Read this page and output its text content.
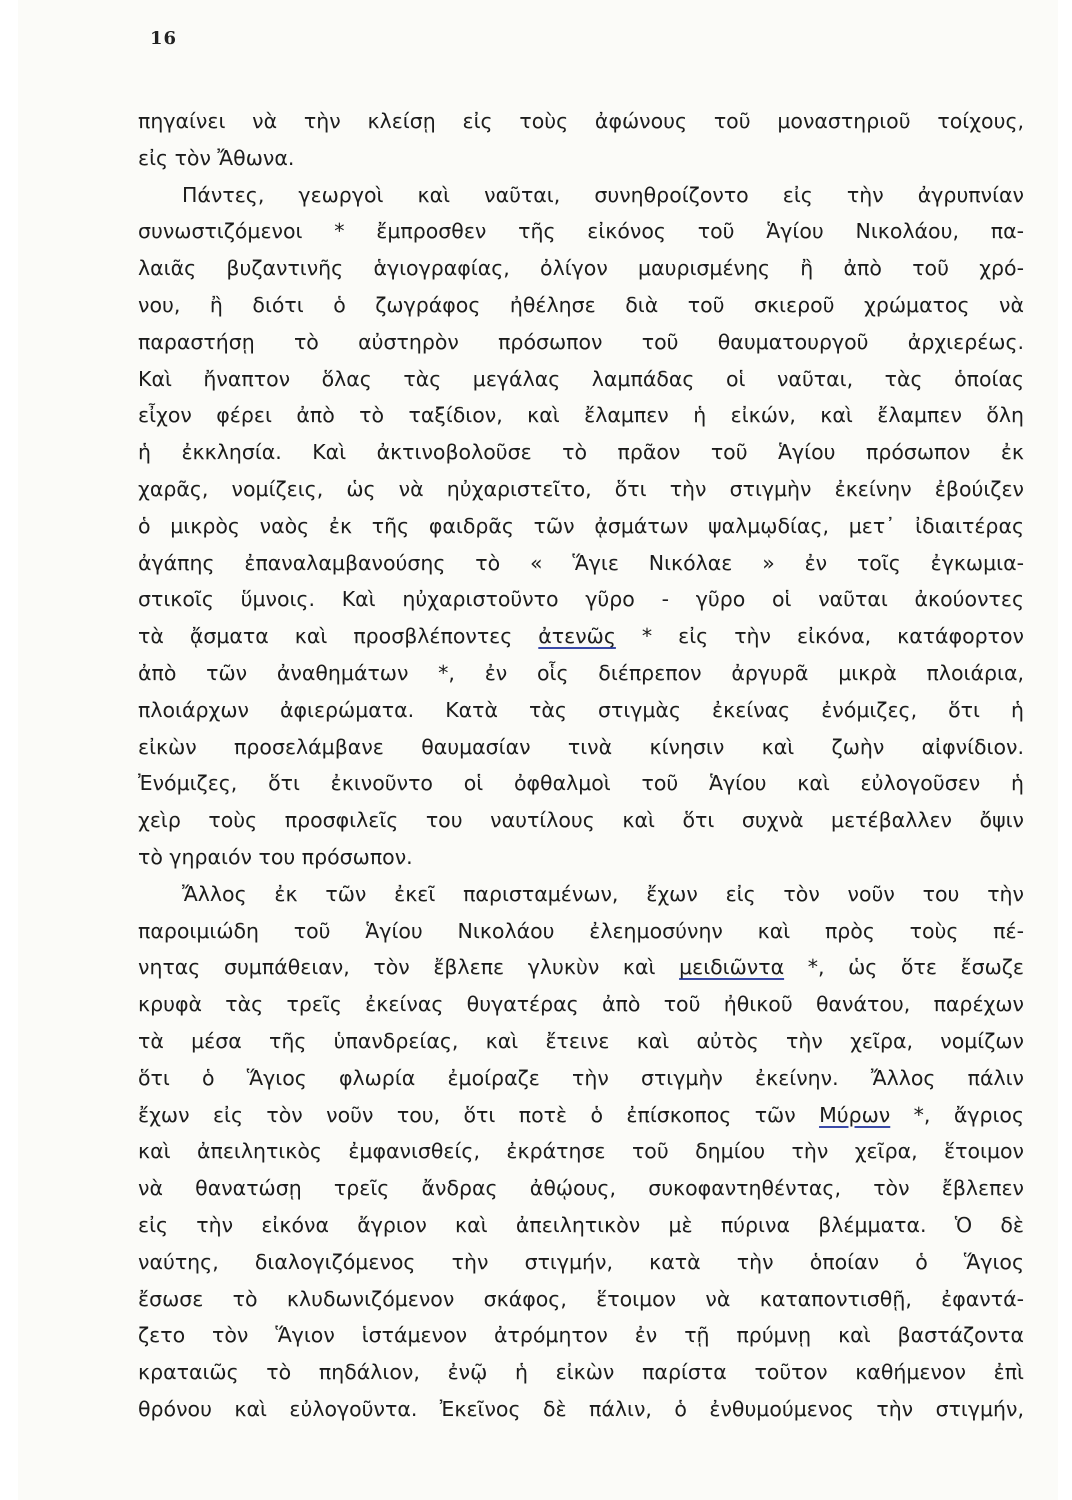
16
πηγαίνει νὰ τὴν κλείσῃ εἰς τοὺς ἀφώνους τοῦ μοναστηριοῦ τοίχους,
εἰς τὸν Ἄθωνα.
Πάντες, γεωργοὶ καὶ ναῦται, συνηθροίζοντο εἰς τὴν ἀγρυπνίαν
συνωστιζόμενοι * ἔμπροσθεν τῆς εἰκόνος τοῦ Ἁγίου Νικολάου, πα-
λαιᾶς βυζαντινῆς ἁγιογραφίας, ὀλίγον μαυρισμένης ἢ ἀπὸ τοῦ χρό-
νου, ἢ διότι ὁ ζωγράφος ἠθέλησε διὰ τοῦ σκιεροῦ χρώματος νὰ
παραστήσῃ τὸ αὐστηρὸν πρόσωπον τοῦ θαυματουργοῦ ἀρχιερέως.
Καὶ ἤναπτον ὅλας τὰς μεγάλας λαμπάδας οἱ ναῦται, τὰς ὁποίας
εἶχον φέρει ἀπὸ τὸ ταξίδιον, καὶ ἔλαμπεν ἡ εἰκών, καὶ ἔλαμπεν ὅλη
ἡ ἐκκλησία. Καὶ ἀκτινοβολοῦσε τὸ πρᾶον τοῦ Ἁγίου πρόσωπον ἐκ
χαρᾶς, νομίζεις, ὡς νὰ ηὐχαριστεῖτο, ὅτι τὴν στιγμὴν ἐκείνην ἐβούιζεν
ὁ μικρὸς ναὸς ἐκ τῆς φαιδρᾶς τῶν ᾀσμάτων ψαλμῳδίας, μετ᾽ ἰδιαιτέρας
ἀγάπης ἐπαναλαμβανούσης τὸ « Ἅγιε Νικόλαε » ἐν τοῖς ἐγκωμια-
στικοῖς ὕμνοις. Καὶ ηὐχαριστοῦντο γῦρο - γῦρο οἱ ναῦται ἀκούοντες
τὰ ᾄσματα καὶ προσβλέποντες ἀτενῶς * εἰς τὴν εἰκόνα, κατάφορτον
ἀπὸ τῶν ἀναθημάτων *, ἐν οἷς διέπρεπον ἀργυρᾶ μικρὰ πλοιάρια,
πλοιάρχων ἀφιερώματα. Κατὰ τὰς στιγμὰς ἐκείνας ἐνόμιζες, ὅτι ἡ
εἰκὼν προσελάμβανε θαυμασίαν τινὰ κίνησιν καὶ ζωὴν αἰφνίδιον.
Ἐνόμιζες, ὅτι ἐκινοῦντο οἱ ὀφθαλμοὶ τοῦ Ἁγίου καὶ εὐλογοῦσεν ἡ
χεὶρ τοὺς προσφιλεῖς του ναυτίλους καὶ ὅτι συχνὰ μετέβαλλεν ὄψιν
τὸ γηραιόν του πρόσωπον.
Ἄλλος ἐκ τῶν ἐκεῖ παρισταμένων, ἔχων εἰς τὸν νοῦν του τὴν
παροιμιώδη τοῦ Ἁγίου Νικολάου ἐλεημοσύνην καὶ πρὸς τοὺς πέ-
νητας συμπάθειαν, τὸν ἔβλεπε γλυκὺν καὶ μειδιῶντα *, ὡς ὅτε ἔσωζε
κρυφὰ τὰς τρεῖς ἐκείνας θυγατέρας ἀπὸ τοῦ ἠθικοῦ θανάτου, παρέχων
τὰ μέσα τῆς ὑπανδρείας, καὶ ἔτεινε καὶ αὐτὸς τὴν χεῖρα, νομίζων
ὅτι ὁ Ἅγιος φλωρία ἐμοίραζε τὴν στιγμὴν ἐκείνην. Ἄλλος πάλιν
ἔχων εἰς τὸν νοῦν του, ὅτι ποτὲ ὁ ἐπίσκοπος τῶν Μύρων *, ἄγριος
καὶ ἀπειλητικὸς ἐμφανισθείς, ἐκράτησε τοῦ δημίου τὴν χεῖρα, ἕτοιμον
νὰ θανατώσῃ τρεῖς ἄνδρας ἀθῴους, συκοφαντηθέντας, τὸν ἔβλεπεν
εἰς τὴν εἰκόνα ἄγριον καὶ ἀπειλητικὸν μὲ πύρινα βλέμματα. Ὁ δὲ
ναύτης, διαλογιζόμενος τὴν στιγμήν, κατὰ τὴν ὁποίαν ὁ Ἅγιος
ἔσωσε τὸ κλυδωνιζόμενον σκάφος, ἕτοιμον νὰ καταποντισθῇ, ἐφαντά-
ζετο τὸν Ἅγιον ἱστάμενον ἀτρόμητον ἐν τῇ πρύμνῃ καὶ βαστάζοντα
κραταιῶς τὸ πηδάλιον, ἐνῷ ἡ εἰκὼν παρίστα τοῦτον καθήμενον ἐπὶ
θρόνου καὶ εὐλογοῦντα. Ἐκεῖνος δὲ πάλιν, ὁ ἐνθυμούμενος τὴν στιγμήν,
